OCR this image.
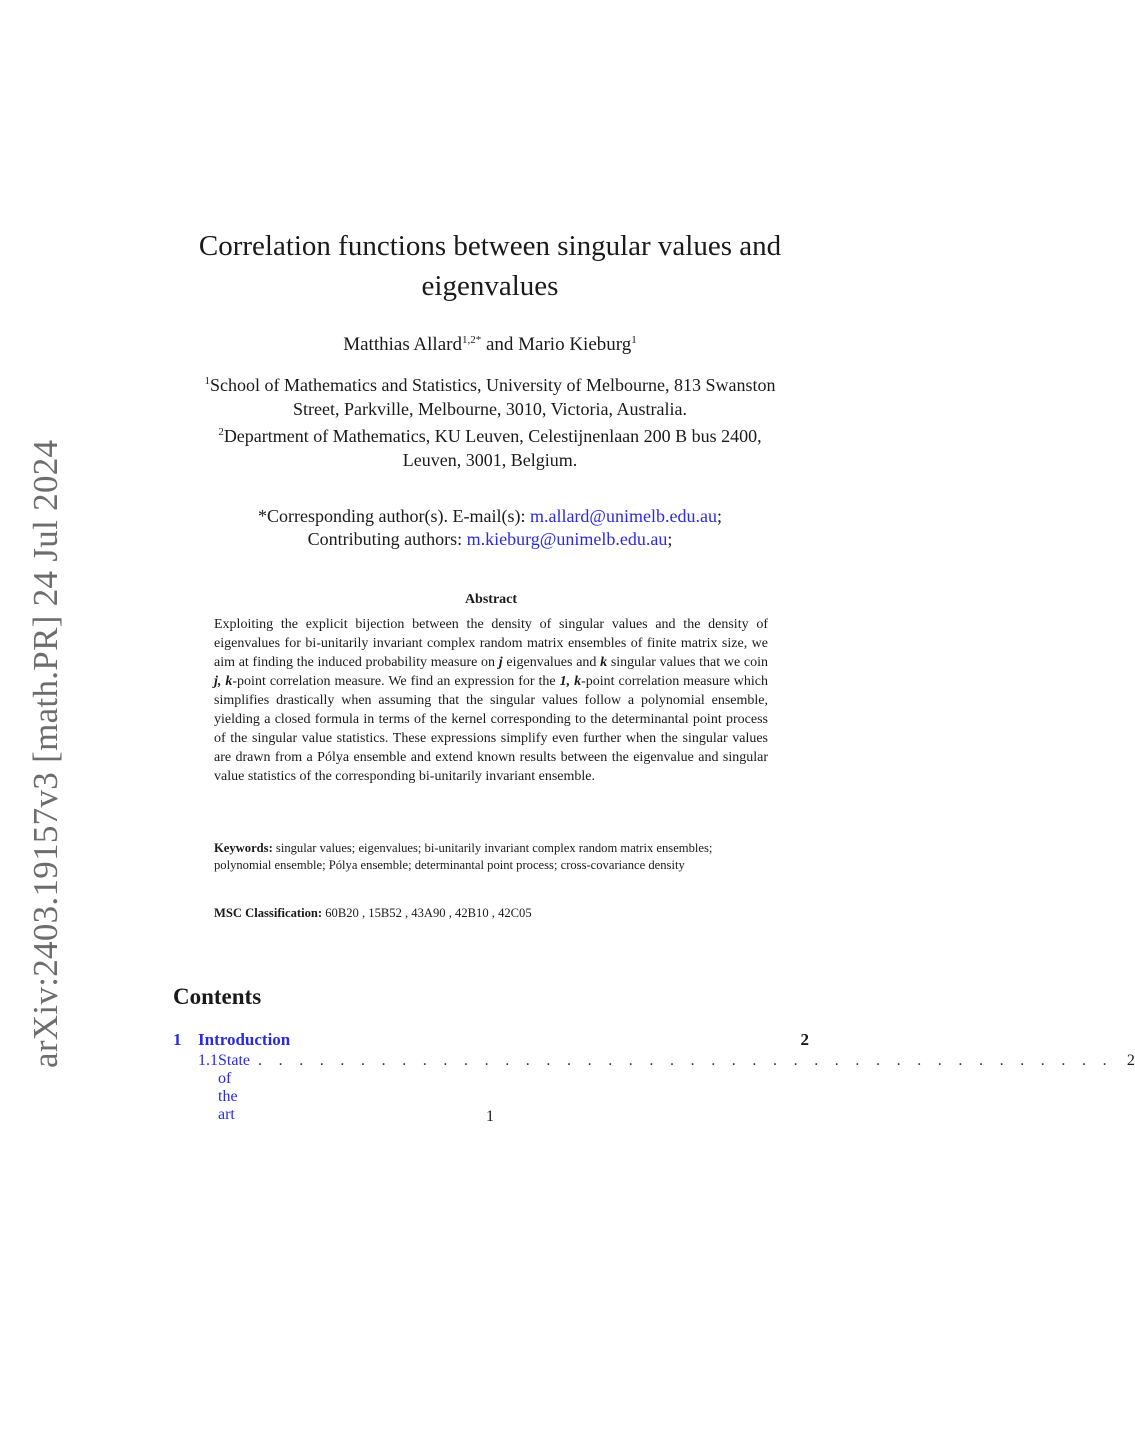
arXiv:2403.19157v3 [math.PR] 24 Jul 2024
Correlation functions between singular values and
eigenvalues
Matthias Allard$^{1,2*}$ and Mario Kieburg$^1$

$^1$School of Mathematics and Statistics, University of Melbourne, 813 Swanston Street, Parkville, Melbourne, 3010, Victoria, Australia.

$^2$Department of Mathematics, KU Leuven, Celestijnenlaan 200 B bus 2400, Leuven, 3001, Belgium.

*Corresponding author(s). E-mail(s): m.allard@unimelb.edu.au;

Contributing authors: m.kieburg@unimelb.edu.au;

Abstract

Exploiting the explicit bijection between the density of singular values and the density of eigenvalues for bi-unitarily invariant complex random matrix ensembles of finite matrix size, we aim at finding the induced probability measure on j eigenvalues and k singular values that we coin j, k-point correlation measure. We find an expression for the 1, k-point correlation measure which simplifies drastically when assuming that the singular values follow a polynomial ensemble, yielding a closed formula in terms of the kernel corresponding to the determinantal point process of the singular value statistics. These expressions simplify even further when the singular values are drawn from a Pólya ensemble and extend known results between the eigenvalue and singular value statistics of the corresponding bi-unitarily invariant ensemble.

Keywords: singular values; eigenvalues; bi-unitarily invariant complex random matrix ensembles; polynomial ensemble; Pólya ensemble; determinantal point process; cross-covariance density

MSC Classification: 60B20 , 15B52 , 43A90 , 42B10 , 42C05

Contents
1 Introduction	2
1.1 State of the art
. . . . . . . . . . . . . . . . . . . . . . . . . . . . . . . . . . . . . . . . . . 2
1
